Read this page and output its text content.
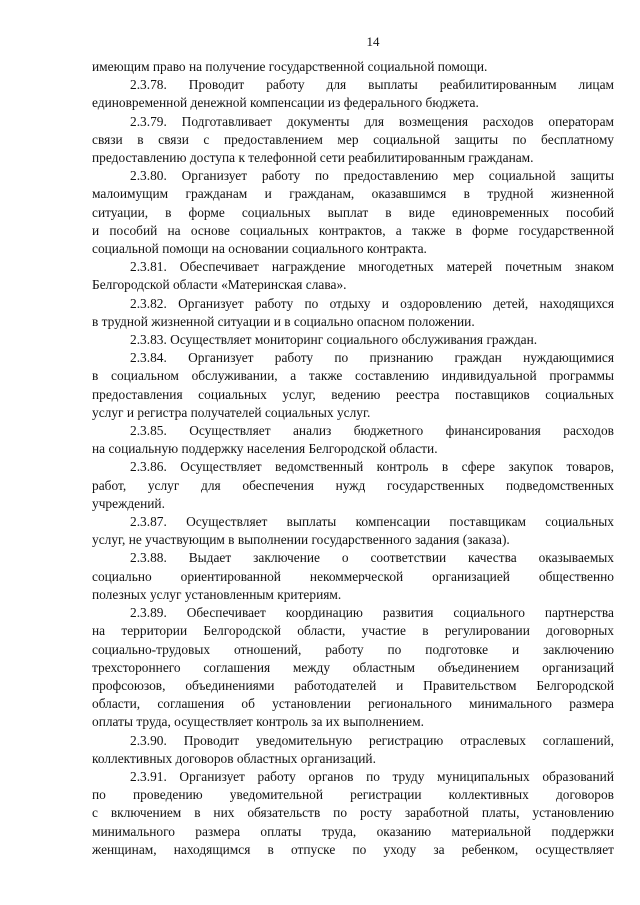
14
имеющим право на получение государственной социальной помощи.
2.3.78. Проводит работу для выплаты реабилитированным лицам
единовременной денежной компенсации из федерального бюджета.
2.3.79. Подготавливает документы для возмещения расходов операторам
связи в связи с предоставлением мер социальной защиты по бесплатному
предоставлению доступа к телефонной сети реабилитированным гражданам.
2.3.80. Организует работу по предоставлению мер социальной защиты
малоимущим гражданам и гражданам, оказавшимся в трудной жизненной
ситуации, в форме социальных выплат в виде единовременных пособий
и пособий на основе социальных контрактов, а также в форме государственной
социальной помощи на основании социального контракта.
2.3.81. Обеспечивает награждение многодетных матерей почетным знаком
Белгородской области «Материнская слава».
2.3.82. Организует работу по отдыху и оздоровлению детей, находящихся
в трудной жизненной ситуации и в социально опасном положении.
2.3.83. Осуществляет мониторинг социального обслуживания граждан.
2.3.84. Организует работу по признанию граждан нуждающимися
в социальном обслуживании, а также составлению индивидуальной программы
предоставления социальных услуг, ведению реестра поставщиков социальных
услуг и регистра получателей социальных услуг.
2.3.85. Осуществляет анализ бюджетного финансирования расходов
на социальную поддержку населения Белгородской области.
2.3.86. Осуществляет ведомственный контроль в сфере закупок товаров,
работ, услуг для обеспечения нужд государственных подведомственных
учреждений.
2.3.87. Осуществляет выплаты компенсации поставщикам социальных
услуг, не участвующим в выполнении государственного задания (заказа).
2.3.88. Выдает заключение о соответствии качества оказываемых
социально ориентированной некоммерческой организацией общественно
полезных услуг установленным критериям.
2.3.89. Обеспечивает координацию развития социального партнерства
на территории Белгородской области, участие в регулировании договорных
социально-трудовых отношений, работу по подготовке и заключению
трехстороннего соглашения между областным объединением организаций
профсоюзов, объединениями работодателей и Правительством Белгородской
области, соглашения об установлении регионального минимального размера
оплаты труда, осуществляет контроль за их выполнением.
2.3.90. Проводит уведомительную регистрацию отраслевых соглашений,
коллективных договоров областных организаций.
2.3.91. Организует работу органов по труду муниципальных образований
по проведению уведомительной регистрации коллективных договоров
с включением в них обязательств по росту заработной платы, установлению
минимального размера оплаты труда, оказанию материальной поддержки
женщинам, находящимся в отпуске по уходу за ребенком, осуществляет
